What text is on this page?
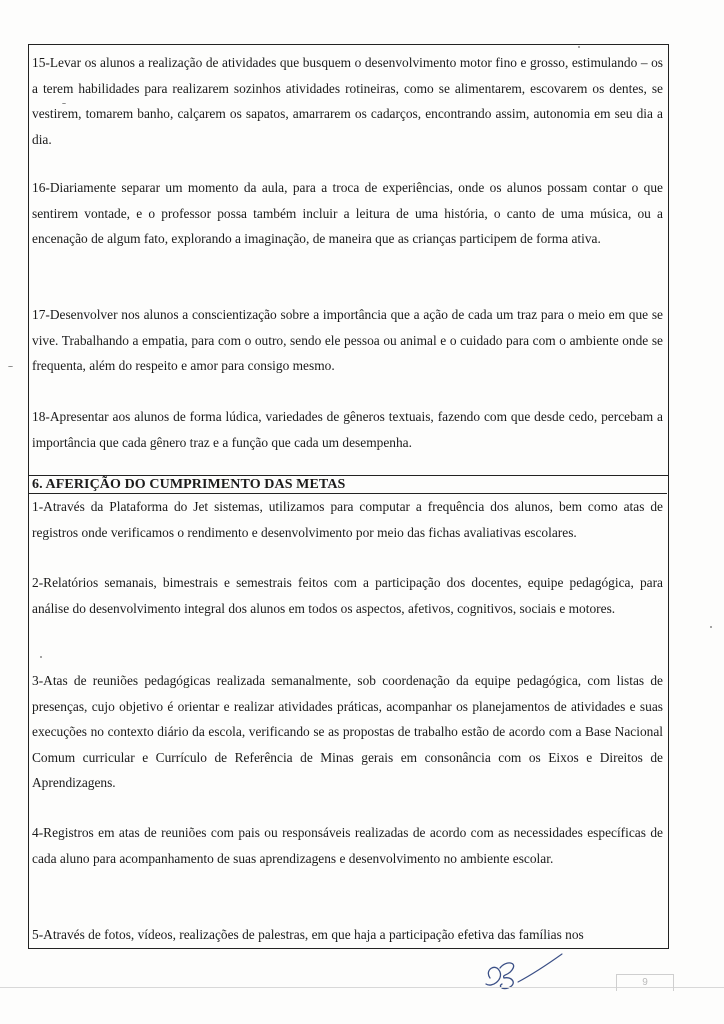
15-Levar os alunos a realização de atividades que busquem o desenvolvimento motor fino e grosso, estimulando – os a terem habilidades para realizarem sozinhos atividades rotineiras, como se alimentarem, escovarem os dentes, se vestirem, tomarem banho, calçarem os sapatos, amarrarem os cadarços, encontrando assim, autonomia em seu dia a dia.
16-Diariamente separar um momento da aula, para a troca de experiências, onde os alunos possam contar o que sentirem vontade, e o professor possa também incluir a leitura de uma história, o canto de uma música, ou a encenação de algum fato, explorando a imaginação, de maneira que as crianças participem de forma ativa.
17-Desenvolver nos alunos a conscientização sobre a importância que a ação de cada um traz para o meio em que se vive. Trabalhando a empatia, para com o outro, sendo ele pessoa ou animal e o cuidado para com o ambiente onde se frequenta, além do respeito e amor para consigo mesmo.
18-Apresentar aos alunos de forma lúdica, variedades de gêneros textuais, fazendo com que desde cedo, percebam a importância que cada gênero traz e a função que cada um desempenha.
6. AFERIÇÃO DO CUMPRIMENTO DAS METAS
1-Através da Plataforma do Jet sistemas, utilizamos para computar a frequência dos alunos, bem como atas de registros onde verificamos o rendimento e desenvolvimento por meio das fichas avaliativas escolares.
2-Relatórios semanais, bimestrais e semestrais feitos com a participação dos docentes, equipe pedagógica, para análise do desenvolvimento integral dos alunos em todos os aspectos, afetivos, cognitivos, sociais e motores.
3-Atas de reuniões pedagógicas realizada semanalmente, sob coordenação da equipe pedagógica, com listas de presenças, cujo objetivo é orientar e realizar atividades práticas, acompanhar os planejamentos de atividades e suas execuções no contexto diário da escola, verificando se as propostas de trabalho estão de acordo com a Base Nacional Comum curricular e Currículo de Referência de Minas gerais em consonância com os Eixos e Direitos de Aprendizagens.
4-Registros em atas de reuniões com pais ou responsáveis realizadas de acordo com as necessidades específicas de cada aluno para acompanhamento de suas aprendizagens e desenvolvimento no ambiente escolar.
5-Através de fotos, vídeos, realizações de palestras, em que haja a participação efetiva das famílias nos
9
